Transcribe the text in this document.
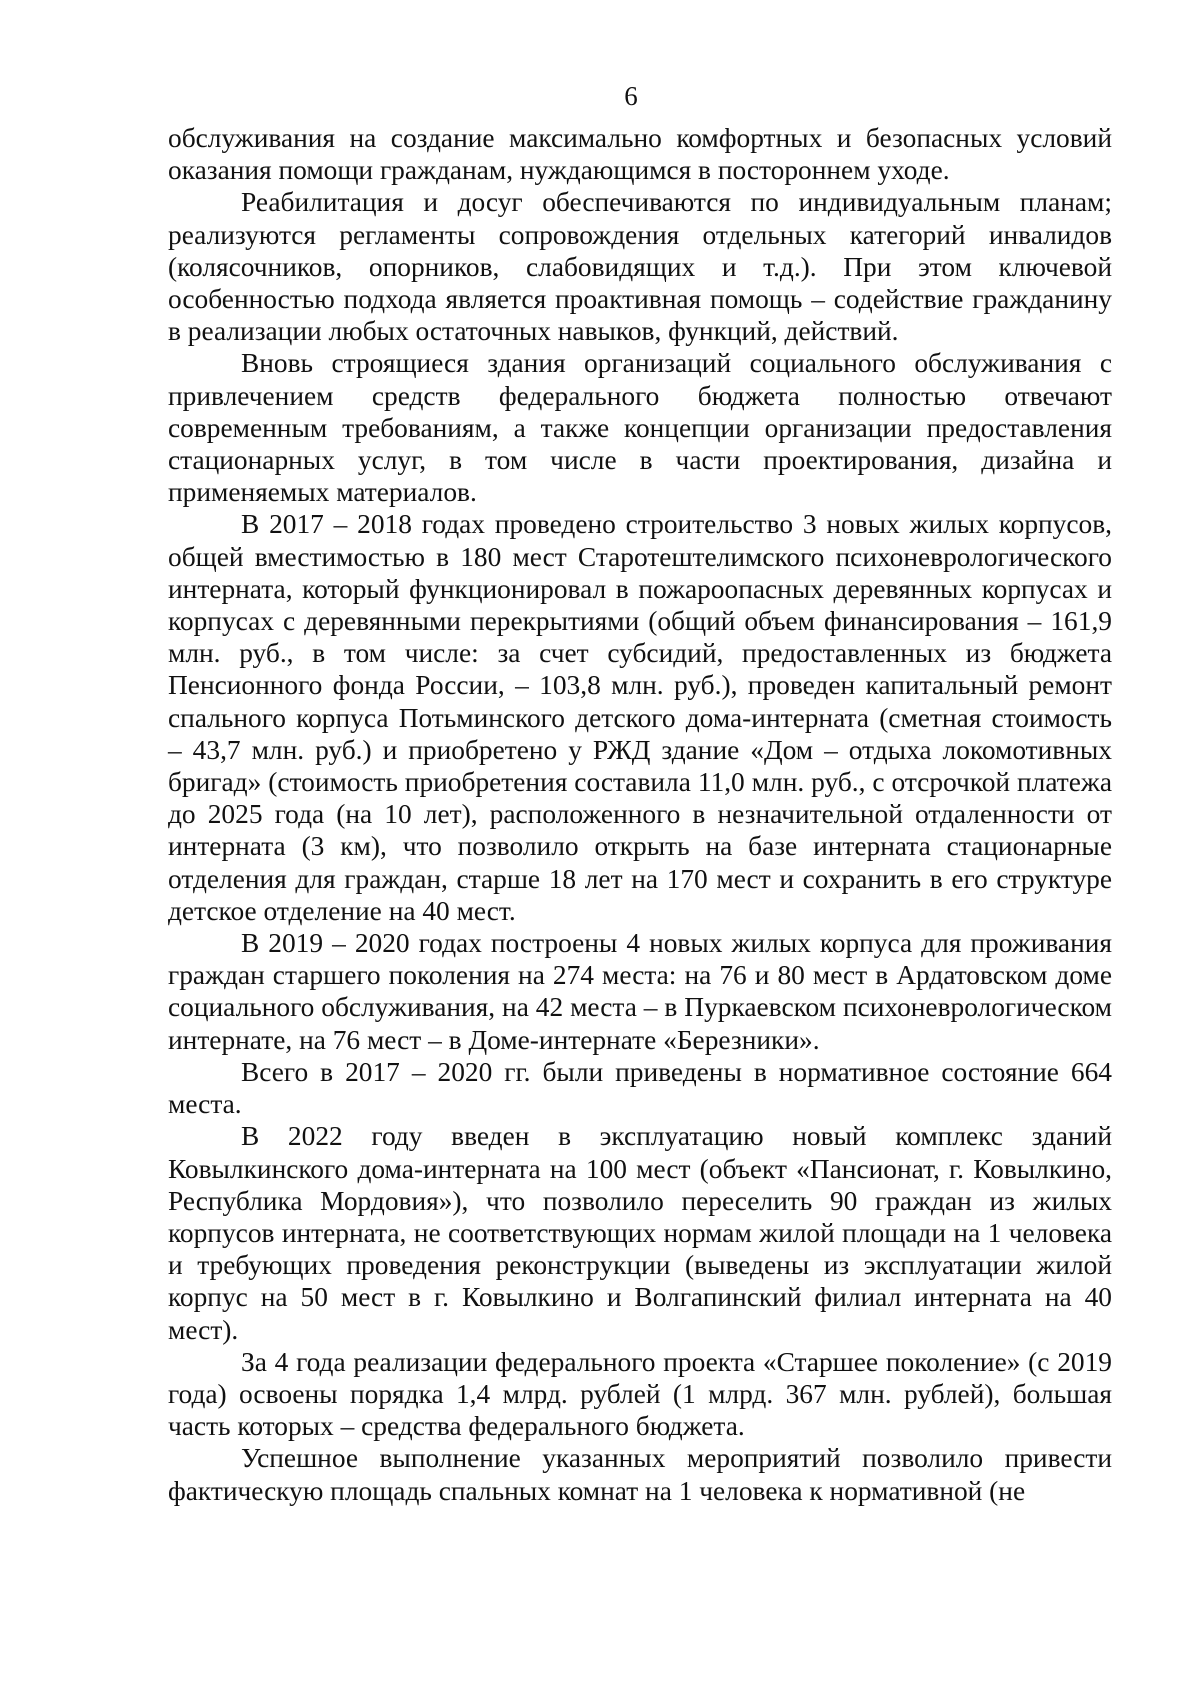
6

обслуживания на создание максимально комфортных и безопасных условий оказания помощи гражданам, нуждающимся в постороннем уходе.

Реабилитация и досуг обеспечиваются по индивидуальным планам; реализуются регламенты сопровождения отдельных категорий инвалидов (колясочников, опорников, слабовидящих и т.д.). При этом ключевой особенностью подхода является проактивная помощь – содействие гражданину в реализации любых остаточных навыков, функций, действий.

Вновь строящиеся здания организаций социального обслуживания с привлечением средств федерального бюджета полностью отвечают современным требованиям, а также концепции организации предоставления стационарных услуг, в том числе в части проектирования, дизайна и применяемых материалов.

В 2017 – 2018 годах проведено строительство 3 новых жилых корпусов, общей вместимостью в 180 мест Старотештелимского психоневрологического интерната, который функционировал в пожароопасных деревянных корпусах и корпусах с деревянными перекрытиями (общий объем финансирования – 161,9 млн. руб., в том числе: за счет субсидий, предоставленных из бюджета Пенсионного фонда России, – 103,8 млн. руб.), проведен капитальный ремонт спального корпуса Потьминского детского дома-интерната (сметная стоимость – 43,7 млн. руб.) и приобретено у РЖД здание «Дом – отдыха локомотивных бригад» (стоимость приобретения составила 11,0 млн. руб., с отсрочкой платежа до 2025 года (на 10 лет), расположенного в незначительной отдаленности от интерната (3 км), что позволило открыть на базе интерната стационарные отделения для граждан, старше 18 лет на 170 мест и сохранить в его структуре детское отделение на 40 мест.

В 2019 – 2020 годах построены 4 новых жилых корпуса для проживания граждан старшего поколения на 274 места: на 76 и 80 мест в Ардатовском доме социального обслуживания, на 42 места – в Пуркаевском психоневрологическом интернате, на 76 мест – в Доме-интернате «Березники».

Всего в 2017 – 2020 гг. были приведены в нормативное состояние 664 места.

В 2022 году введен в эксплуатацию новый комплекс зданий Ковылкинского дома-интерната на 100 мест (объект «Пансионат, г. Ковылкино, Республика Мордовия»), что позволило переселить 90 граждан из жилых корпусов интерната, не соответствующих нормам жилой площади на 1 человека и требующих проведения реконструкции (выведены из эксплуатации жилой корпус на 50 мест в г. Ковылкино и Волгапинский филиал интерната на 40 мест).

За 4 года реализации федерального проекта «Старшее поколение» (с 2019 года) освоены порядка 1,4 млрд. рублей (1 млрд. 367 млн. рублей), большая часть которых – средства федерального бюджета.

Успешное выполнение указанных мероприятий позволило привести фактическую площадь спальных комнат на 1 человека к нормативной (не
